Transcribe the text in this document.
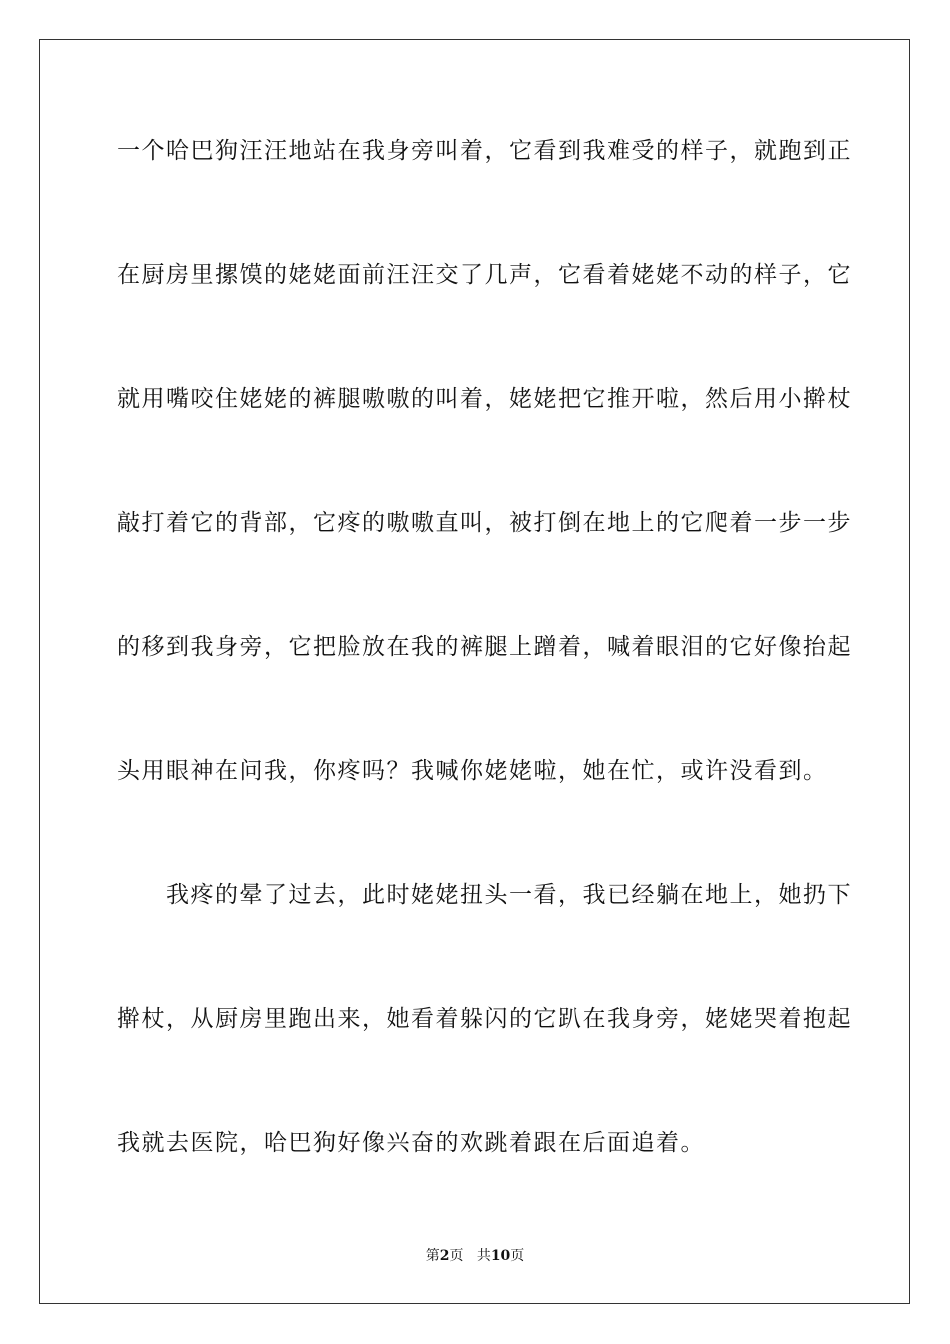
一个哈巴狗汪汪地站在我身旁叫着，它看到我难受的样子，就跑到正
在厨房里摞馍的姥姥面前汪汪交了几声，它看着姥姥不动的样子，它
就用嘴咬住姥姥的裤腿嗷嗷的叫着，姥姥把它推开啦，然后用小擀杖
敲打着它的背部，它疼的嗷嗷直叫，被打倒在地上的它爬着一步一步
的移到我身旁，它把脸放在我的裤腿上蹭着，喊着眼泪的它好像抬起
头用眼神在问我，你疼吗？我喊你姥姥啦，她在忙，或许没看到。
　　我疼的晕了过去，此时姥姥扭头一看，我已经躺在地上，她扔下
擀杖，从厨房里跑出来，她看着躲闪的它趴在我身旁，姥姥哭着抱起
我就去医院，哈巴狗好像兴奋的欢跳着跟在后面追着。
第2页 共10页
